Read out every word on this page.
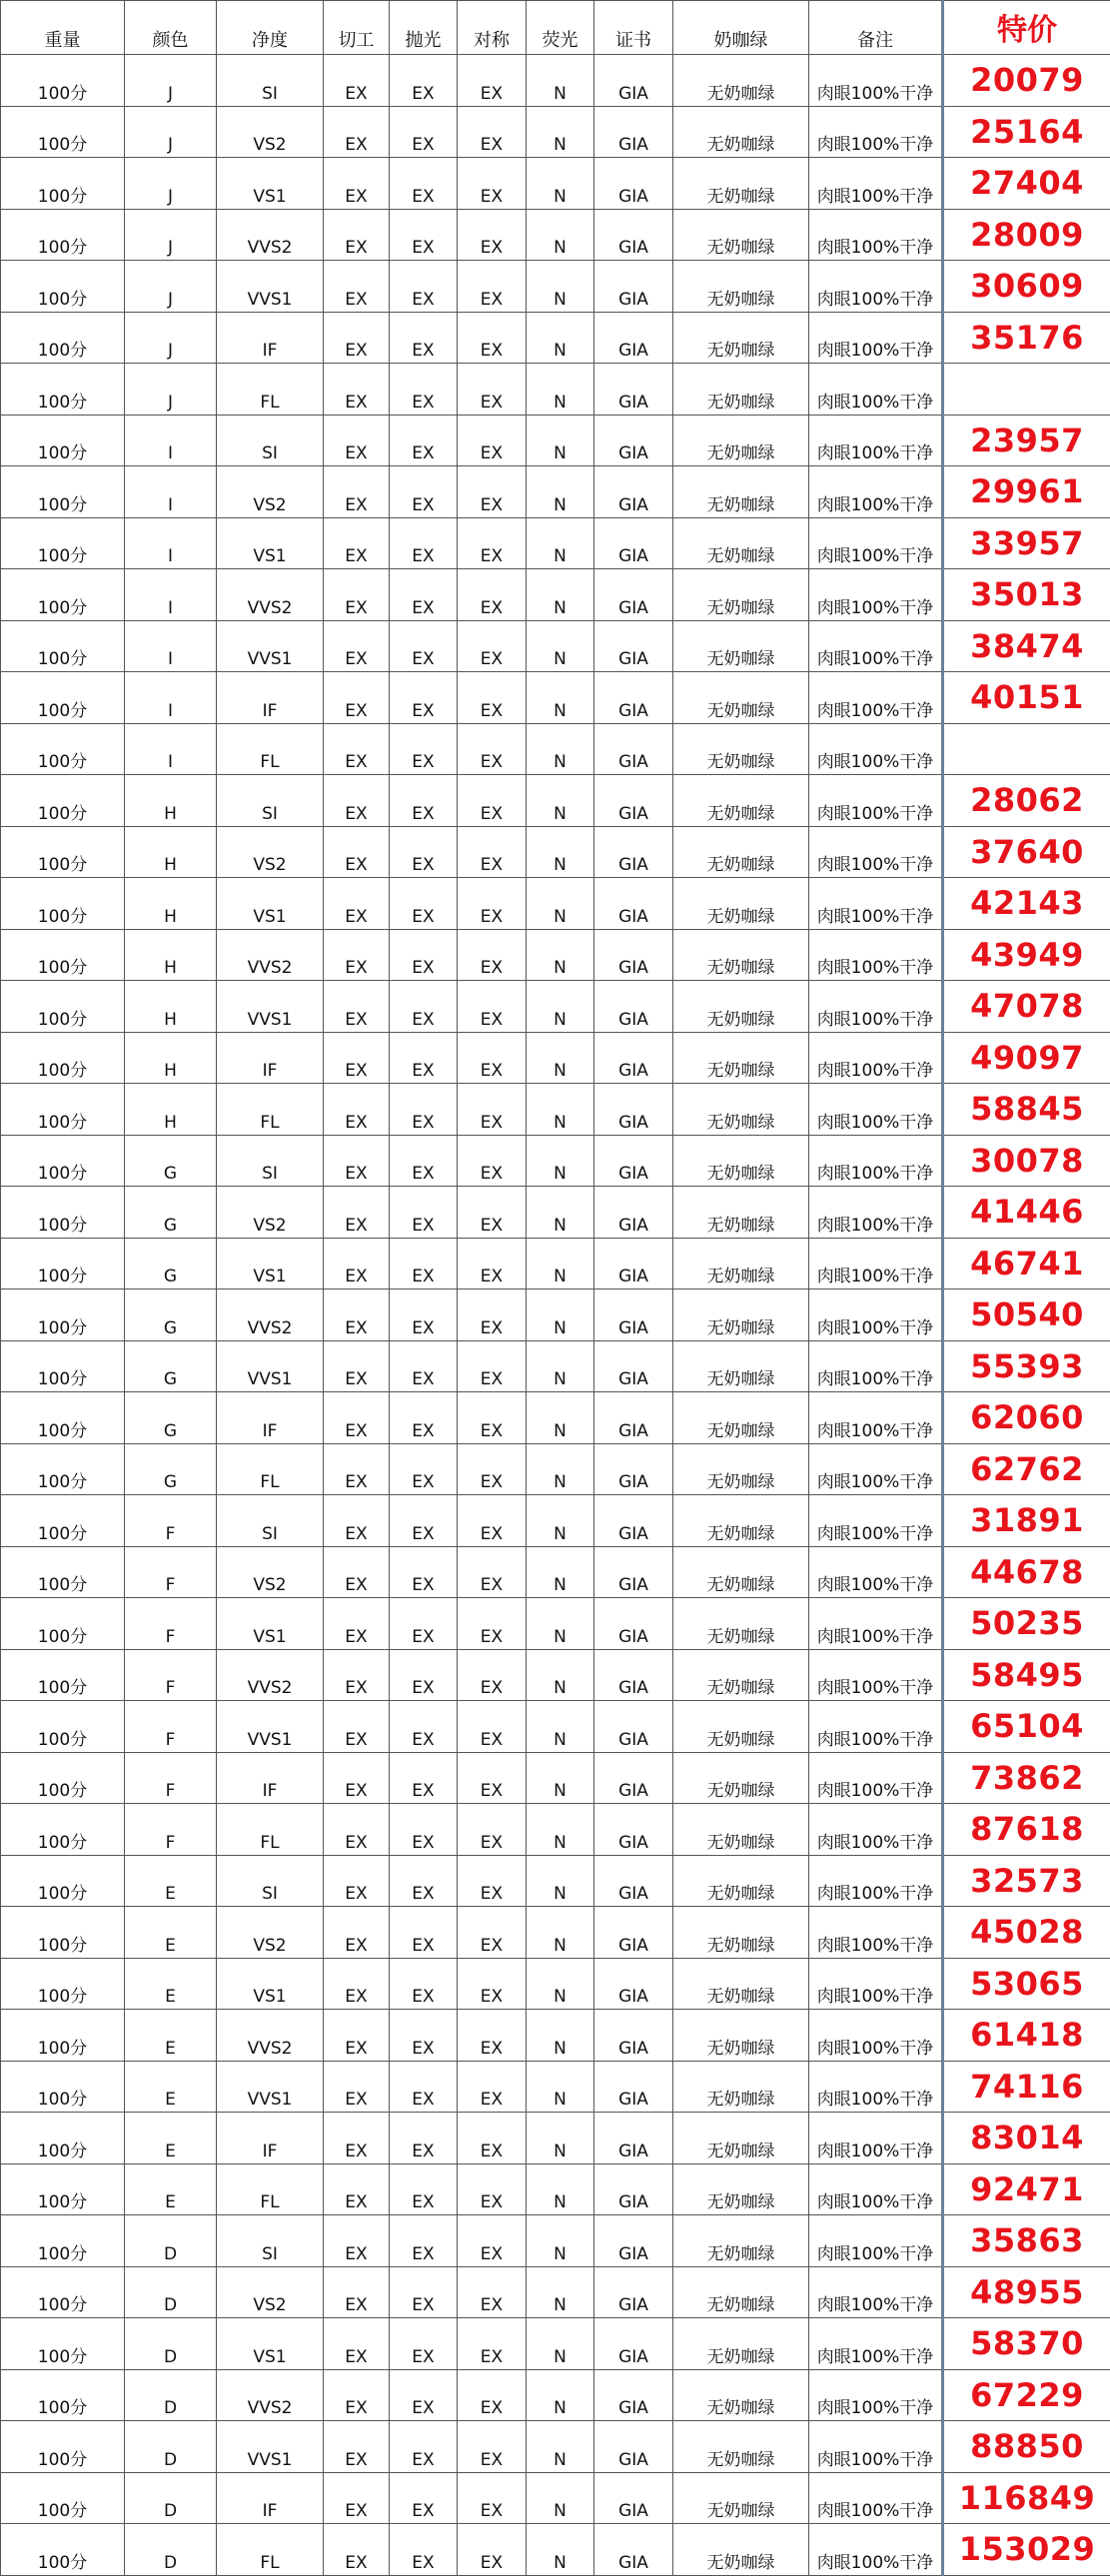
重量	颜色	净度	切工	抛光	对称	荧光	证书	奶咖绿	备注	特价
100分	J	SI	EX	EX	EX	N	GIA	无奶咖绿	肉眼100%干净	20079
100分	J	VS2	EX	EX	EX	N	GIA	无奶咖绿	肉眼100%干净	25164
100分	J	VS1	EX	EX	EX	N	GIA	无奶咖绿	肉眼100%干净	27404
100分	J	VVS2	EX	EX	EX	N	GIA	无奶咖绿	肉眼100%干净	28009
100分	J	VVS1	EX	EX	EX	N	GIA	无奶咖绿	肉眼100%干净	30609
100分	J	IF	EX	EX	EX	N	GIA	无奶咖绿	肉眼100%干净	35176
100分	J	FL	EX	EX	EX	N	GIA	无奶咖绿	肉眼100%干净	
100分	I	SI	EX	EX	EX	N	GIA	无奶咖绿	肉眼100%干净	23957
100分	I	VS2	EX	EX	EX	N	GIA	无奶咖绿	肉眼100%干净	29961
100分	I	VS1	EX	EX	EX	N	GIA	无奶咖绿	肉眼100%干净	33957
100分	I	VVS2	EX	EX	EX	N	GIA	无奶咖绿	肉眼100%干净	35013
100分	I	VVS1	EX	EX	EX	N	GIA	无奶咖绿	肉眼100%干净	38474
100分	I	IF	EX	EX	EX	N	GIA	无奶咖绿	肉眼100%干净	40151
100分	I	FL	EX	EX	EX	N	GIA	无奶咖绿	肉眼100%干净	
100分	H	SI	EX	EX	EX	N	GIA	无奶咖绿	肉眼100%干净	28062
100分	H	VS2	EX	EX	EX	N	GIA	无奶咖绿	肉眼100%干净	37640
100分	H	VS1	EX	EX	EX	N	GIA	无奶咖绿	肉眼100%干净	42143
100分	H	VVS2	EX	EX	EX	N	GIA	无奶咖绿	肉眼100%干净	43949
100分	H	VVS1	EX	EX	EX	N	GIA	无奶咖绿	肉眼100%干净	47078
100分	H	IF	EX	EX	EX	N	GIA	无奶咖绿	肉眼100%干净	49097
100分	H	FL	EX	EX	EX	N	GIA	无奶咖绿	肉眼100%干净	58845
100分	G	SI	EX	EX	EX	N	GIA	无奶咖绿	肉眼100%干净	30078
100分	G	VS2	EX	EX	EX	N	GIA	无奶咖绿	肉眼100%干净	41446
100分	G	VS1	EX	EX	EX	N	GIA	无奶咖绿	肉眼100%干净	46741
100分	G	VVS2	EX	EX	EX	N	GIA	无奶咖绿	肉眼100%干净	50540
100分	G	VVS1	EX	EX	EX	N	GIA	无奶咖绿	肉眼100%干净	55393
100分	G	IF	EX	EX	EX	N	GIA	无奶咖绿	肉眼100%干净	62060
100分	G	FL	EX	EX	EX	N	GIA	无奶咖绿	肉眼100%干净	62762
100分	F	SI	EX	EX	EX	N	GIA	无奶咖绿	肉眼100%干净	31891
100分	F	VS2	EX	EX	EX	N	GIA	无奶咖绿	肉眼100%干净	44678
100分	F	VS1	EX	EX	EX	N	GIA	无奶咖绿	肉眼100%干净	50235
100分	F	VVS2	EX	EX	EX	N	GIA	无奶咖绿	肉眼100%干净	58495
100分	F	VVS1	EX	EX	EX	N	GIA	无奶咖绿	肉眼100%干净	65104
100分	F	IF	EX	EX	EX	N	GIA	无奶咖绿	肉眼100%干净	73862
100分	F	FL	EX	EX	EX	N	GIA	无奶咖绿	肉眼100%干净	87618
100分	E	SI	EX	EX	EX	N	GIA	无奶咖绿	肉眼100%干净	32573
100分	E	VS2	EX	EX	EX	N	GIA	无奶咖绿	肉眼100%干净	45028
100分	E	VS1	EX	EX	EX	N	GIA	无奶咖绿	肉眼100%干净	53065
100分	E	VVS2	EX	EX	EX	N	GIA	无奶咖绿	肉眼100%干净	61418
100分	E	VVS1	EX	EX	EX	N	GIA	无奶咖绿	肉眼100%干净	74116
100分	E	IF	EX	EX	EX	N	GIA	无奶咖绿	肉眼100%干净	83014
100分	E	FL	EX	EX	EX	N	GIA	无奶咖绿	肉眼100%干净	92471
100分	D	SI	EX	EX	EX	N	GIA	无奶咖绿	肉眼100%干净	35863
100分	D	VS2	EX	EX	EX	N	GIA	无奶咖绿	肉眼100%干净	48955
100分	D	VS1	EX	EX	EX	N	GIA	无奶咖绿	肉眼100%干净	58370
100分	D	VVS2	EX	EX	EX	N	GIA	无奶咖绿	肉眼100%干净	67229
100分	D	VVS1	EX	EX	EX	N	GIA	无奶咖绿	肉眼100%干净	88850
100分	D	IF	EX	EX	EX	N	GIA	无奶咖绿	肉眼100%干净	116849
100分	D	FL	EX	EX	EX	N	GIA	无奶咖绿	肉眼100%干净	153029
